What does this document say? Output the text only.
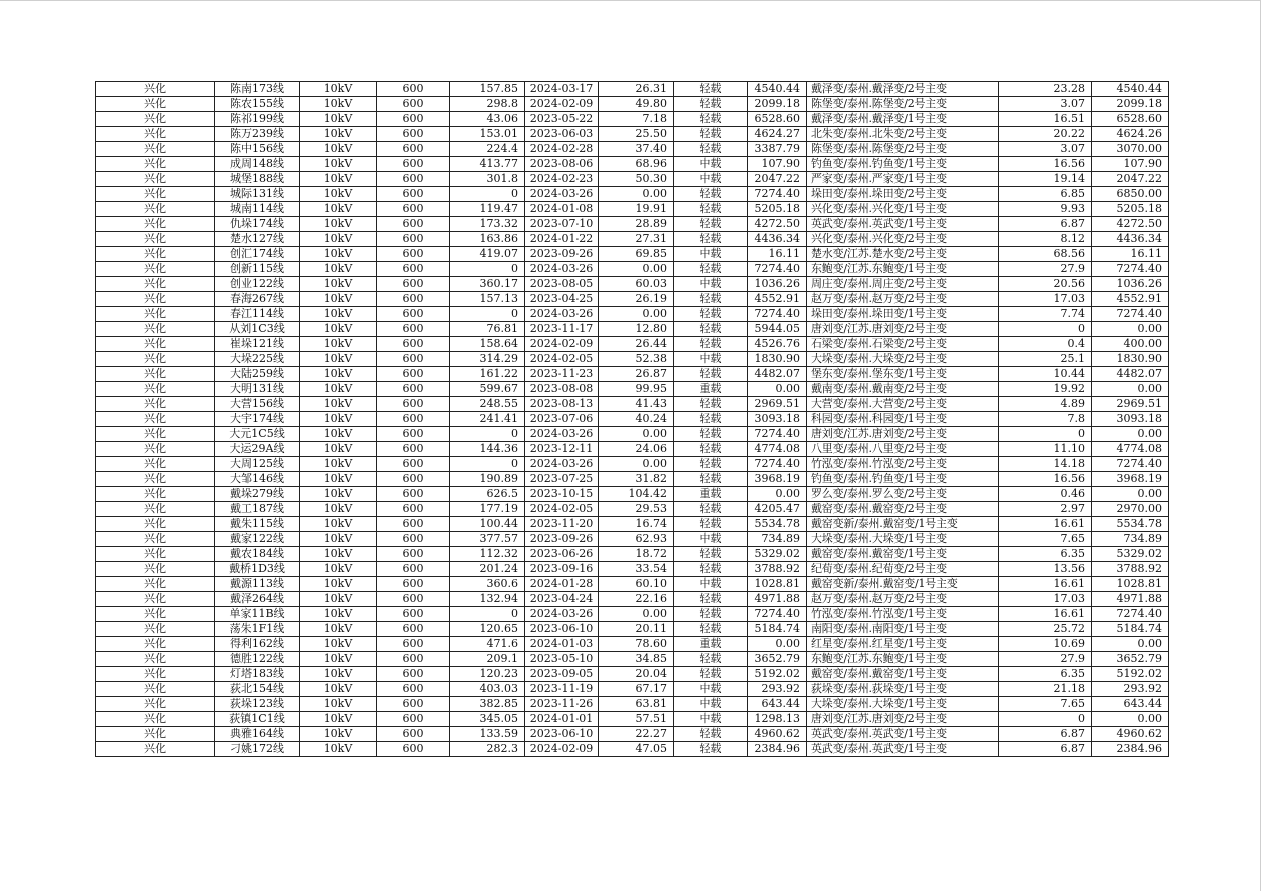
兴化	陈南173线	10kV	600	157.85	2024-03-17	26.31	轻载	4540.44	戴泽变/泰州.戴泽变/2号主变	23.28	4540.44
兴化	陈农155线	10kV	600	298.8	2024-02-09	49.80	轻载	2099.18	陈堡变/泰州.陈堡变/2号主变	3.07	2099.18
兴化	陈祁199线	10kV	600	43.06	2023-05-22	7.18	轻载	6528.60	戴泽变/泰州.戴泽变/1号主变	16.51	6528.60
兴化	陈万239线	10kV	600	153.01	2023-06-03	25.50	轻载	4624.27	北朱变/泰州.北朱变/2号主变	20.22	4624.26
兴化	陈中156线	10kV	600	224.4	2024-02-28	37.40	轻载	3387.79	陈堡变/泰州.陈堡变/2号主变	3.07	3070.00
兴化	成周148线	10kV	600	413.77	2023-08-06	68.96	中载	107.90	钓鱼变/泰州.钓鱼变/1号主变	16.56	107.90
兴化	城堡188线	10kV	600	301.8	2024-02-23	50.30	中载	2047.22	严家变/泰州.严家变/1号主变	19.14	2047.22
兴化	城际131线	10kV	600	0	2024-03-26	0.00	轻载	7274.40	垛田变/泰州.垛田变/2号主变	6.85	6850.00
兴化	城南114线	10kV	600	119.47	2024-01-08	19.91	轻载	5205.18	兴化变/泰州.兴化变/1号主变	9.93	5205.18
兴化	仇垛174线	10kV	600	173.32	2023-07-10	28.89	轻载	4272.50	英武变/泰州.英武变/1号主变	6.87	4272.50
兴化	楚水127线	10kV	600	163.86	2024-01-22	27.31	轻载	4436.34	兴化变/泰州.兴化变/2号主变	8.12	4436.34
兴化	创汇174线	10kV	600	419.07	2023-09-26	69.85	中载	16.11	楚水变/江苏.楚水变/2号主变	68.56	16.11
兴化	创新115线	10kV	600	0	2024-03-26	0.00	轻载	7274.40	东鲍变/江苏.东鲍变/1号主变	27.9	7274.40
兴化	创业122线	10kV	600	360.17	2023-08-05	60.03	中载	1036.26	周庄变/泰州.周庄变/2号主变	20.56	1036.26
兴化	春海267线	10kV	600	157.13	2023-04-25	26.19	轻载	4552.91	赵万变/泰州.赵万变/2号主变	17.03	4552.91
兴化	春江114线	10kV	600	0	2024-03-26	0.00	轻载	7274.40	垛田变/泰州.垛田变/1号主变	7.74	7274.40
兴化	从刘1C3线	10kV	600	76.81	2023-11-17	12.80	轻载	5944.05	唐刘变/江苏.唐刘变/2号主变	0	0.00
兴化	崔垛121线	10kV	600	158.64	2024-02-09	26.44	轻载	4526.76	石梁变/泰州.石梁变/2号主变	0.4	400.00
兴化	大垛225线	10kV	600	314.29	2024-02-05	52.38	中载	1830.90	大垛变/泰州.大垛变/2号主变	25.1	1830.90
兴化	大陆259线	10kV	600	161.22	2023-11-23	26.87	轻载	4482.07	堡东变/泰州.堡东变/1号主变	10.44	4482.07
兴化	大明131线	10kV	600	599.67	2023-08-08	99.95	重载	0.00	戴南变/泰州.戴南变/2号主变	19.92	0.00
兴化	大营156线	10kV	600	248.55	2023-08-13	41.43	轻载	2969.51	大营变/泰州.大营变/2号主变	4.89	2969.51
兴化	大宇174线	10kV	600	241.41	2023-07-06	40.24	轻载	3093.18	科园变/泰州.科园变/1号主变	7.8	3093.18
兴化	大元1C5线	10kV	600	0	2024-03-26	0.00	轻载	7274.40	唐刘变/江苏.唐刘变/2号主变	0	0.00
兴化	大运29A线	10kV	600	144.36	2023-12-11	24.06	轻载	4774.08	八里变/泰州.八里变/2号主变	11.10	4774.08
兴化	大周125线	10kV	600	0	2024-03-26	0.00	轻载	7274.40	竹泓变/泰州.竹泓变/2号主变	14.18	7274.40
兴化	大邹146线	10kV	600	190.89	2023-07-25	31.82	轻载	3968.19	钓鱼变/泰州.钓鱼变/1号主变	16.56	3968.19
兴化	戴垛279线	10kV	600	626.5	2023-10-15	104.42	重载	0.00	罗么变/泰州.罗么变/2号主变	0.46	0.00
兴化	戴工187线	10kV	600	177.19	2024-02-05	29.53	轻载	4205.47	戴窑变/泰州.戴窑变/2号主变	2.97	2970.00
兴化	戴朱115线	10kV	600	100.44	2023-11-20	16.74	轻载	5534.78	戴窑变新/泰州.戴窑变/1号主变	16.61	5534.78
兴化	戴家122线	10kV	600	377.57	2023-09-26	62.93	中载	734.89	大垛变/泰州.大垛变/1号主变	7.65	734.89
兴化	戴农184线	10kV	600	112.32	2023-06-26	18.72	轻载	5329.02	戴窑变/泰州.戴窑变/1号主变	6.35	5329.02
兴化	戴桥1D3线	10kV	600	201.24	2023-09-16	33.54	轻载	3788.92	纪荀变/泰州.纪荀变/2号主变	13.56	3788.92
兴化	戴源113线	10kV	600	360.6	2024-01-28	60.10	中载	1028.81	戴窑变新/泰州.戴窑变/1号主变	16.61	1028.81
兴化	戴泽264线	10kV	600	132.94	2023-04-24	22.16	轻载	4971.88	赵万变/泰州.赵万变/2号主变	17.03	4971.88
兴化	单家11B线	10kV	600	0	2024-03-26	0.00	轻载	7274.40	竹泓变/泰州.竹泓变/1号主变	16.61	7274.40
兴化	荡朱1F1线	10kV	600	120.65	2023-06-10	20.11	轻载	5184.74	南阳变/泰州.南阳变/1号主变	25.72	5184.74
兴化	得利162线	10kV	600	471.6	2024-01-03	78.60	重载	0.00	红星变/泰州.红星变/1号主变	10.69	0.00
兴化	德胜122线	10kV	600	209.1	2023-05-10	34.85	轻载	3652.79	东鲍变/江苏.东鲍变/1号主变	27.9	3652.79
兴化	灯塔183线	10kV	600	120.23	2023-09-05	20.04	轻载	5192.02	戴窑变/泰州.戴窑变/1号主变	6.35	5192.02
兴化	荻北154线	10kV	600	403.03	2023-11-19	67.17	中载	293.92	荻垛变/泰州.荻垛变/1号主变	21.18	293.92
兴化	荻垛123线	10kV	600	382.85	2023-11-26	63.81	中载	643.44	大垛变/泰州.大垛变/1号主变	7.65	643.44
兴化	荻镇1C1线	10kV	600	345.05	2024-01-01	57.51	中载	1298.13	唐刘变/江苏.唐刘变/2号主变	0	0.00
兴化	典雅164线	10kV	600	133.59	2023-06-10	22.27	轻载	4960.62	英武变/泰州.英武变/1号主变	6.87	4960.62
兴化	刁姚172线	10kV	600	282.3	2024-02-09	47.05	轻载	2384.96	英武变/泰州.英武变/1号主变	6.87	2384.96
